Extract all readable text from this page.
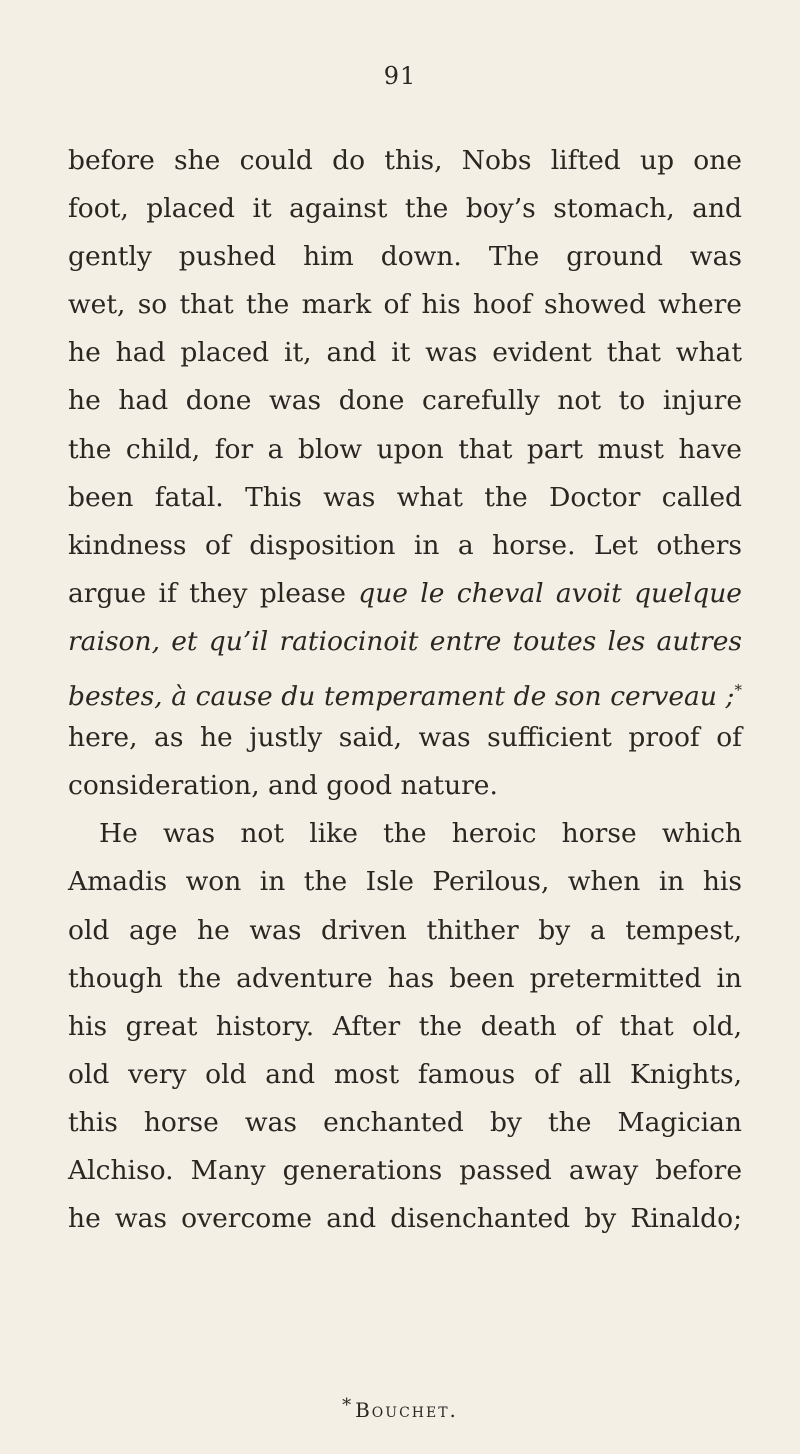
91
before she could do this, Nobs lifted up one
foot, placed it against the boy’s stomach, and
gently pushed him down. The ground was
wet, so that the mark of his hoof showed where
he had placed it, and it was evident that what
he had done was done carefully not to injure
the child, for a blow upon that part must have
been fatal. This was what the Doctor called
kindness of disposition in a horse. Let others
argue if they please que le cheval avoit quelque
raison, et qu’il ratiocinoit entre toutes les autres
bestes, à cause du temperament de son cerveau ;*
here, as he justly said, was sufficient proof of
consideration, and good nature.
He was not like the heroic horse which
Amadis won in the Isle Perilous, when in his
old age he was driven thither by a tempest,
though the adventure has been pretermitted in
his great history. After the death of that old,
old very old and most famous of all Knights,
this horse was enchanted by the Magician
Alchiso. Many generations passed away before
he was overcome and disenchanted by Rinaldo;
* Bouchet.
